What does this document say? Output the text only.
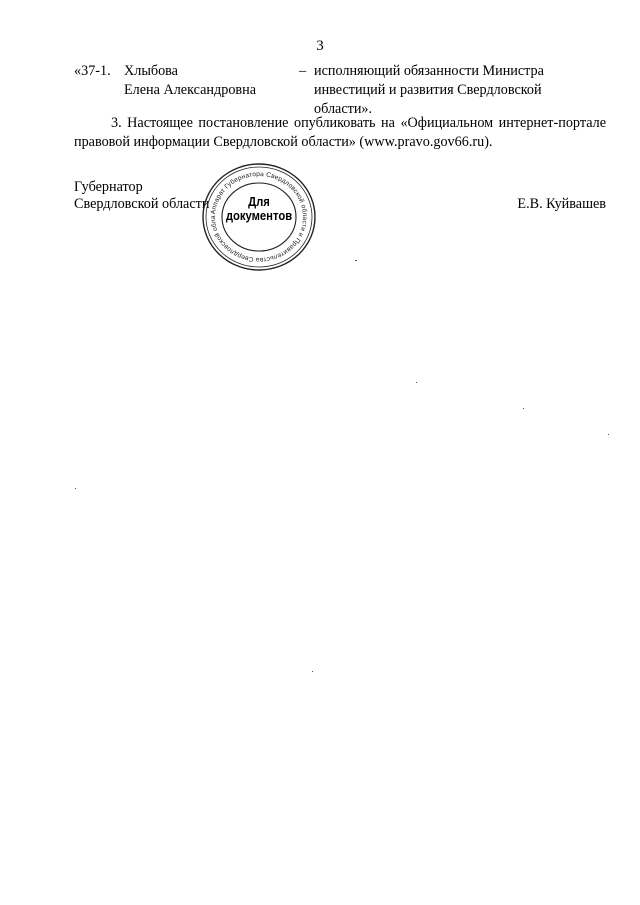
3
«37-1. Хлыбова
Елена Александровна
– исполняющий обязанности Министра
инвестиций и развития Свердловской
области».
3. Настоящее постановление опубликовать на «Официальном интернет-портале правовой информации Свердловской области» (www.pravo.gov66.ru).
Губернатор
Свердловской области	Е.В. Куйвашев
Аппарат Губернатора Свердловской области и Правительства Свердловской обла
Для
документов
